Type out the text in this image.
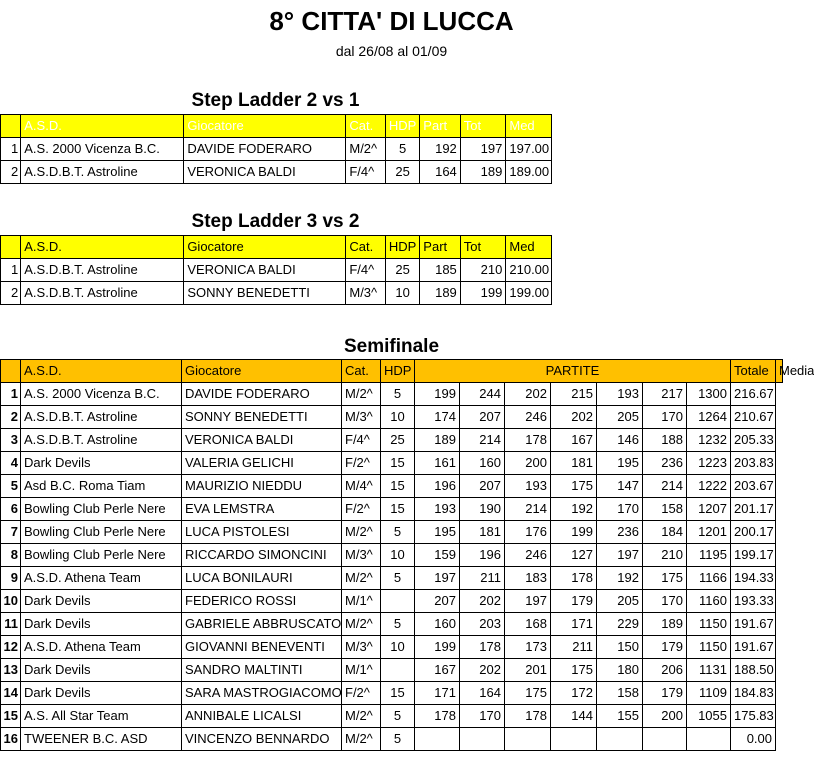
8° CITTA' DI LUCCA
dal 26/08 al 01/09
Step Ladder 2 vs 1
	A.S.D.	Giocatore	Cat.	HDP	Part	Tot	Med
1	A.S. 2000 Vicenza B.C.	DAVIDE FODERARO	M/2^	5	192	197	197.00
2	A.S.D.B.T. Astroline	VERONICA BALDI	F/4^	25	164	189	189.00
Step Ladder 3 vs 2
	A.S.D.	Giocatore	Cat.	HDP	Part	Tot	Med
1	A.S.D.B.T. Astroline	VERONICA BALDI	F/4^	25	185	210	210.00
2	A.S.D.B.T. Astroline	SONNY BENEDETTI	M/3^	10	189	199	199.00
Semifinale
	A.S.D.	Giocatore	Cat.	HDP	PARTITE							Totale	Media
1	A.S. 2000 Vicenza B.C.	DAVIDE FODERARO	M/2^	5	199	244	202	215	193	217	1300	216.67	
2	A.S.D.B.T. Astroline	SONNY BENEDETTI	M/3^	10	174	207	246	202	205	170	1264	210.67	
3	A.S.D.B.T. Astroline	VERONICA BALDI	F/4^	25	189	214	178	167	146	188	1232	205.33	
4	Dark Devils	VALERIA GELICHI	F/2^	15	161	160	200	181	195	236	1223	203.83	
5	Asd B.C. Roma Tiam	MAURIZIO NIEDDU	M/4^	15	196	207	193	175	147	214	1222	203.67	
6	Bowling Club Perle Nere	EVA LEMSTRA	F/2^	15	193	190	214	192	170	158	1207	201.17	
7	Bowling Club Perle Nere	LUCA PISTOLESI	M/2^	5	195	181	176	199	236	184	1201	200.17	
8	Bowling Club Perle Nere	RICCARDO SIMONCINI	M/3^	10	159	196	246	127	197	210	1195	199.17	
9	A.S.D. Athena Team	LUCA BONILAURI	M/2^	5	197	211	183	178	192	175	1166	194.33	
10	Dark Devils	FEDERICO ROSSI	M/1^		207	202	197	179	205	170	1160	193.33	
11	Dark Devils	GABRIELE ABBRUSCATO	M/2^	5	160	203	168	171	229	189	1150	191.67	
12	A.S.D. Athena Team	GIOVANNI BENEVENTI	M/3^	10	199	178	173	211	150	179	1150	191.67	
13	Dark Devils	SANDRO MALTINTI	M/1^		167	202	201	175	180	206	1131	188.50	
14	Dark Devils	SARA MASTROGIACOMO	F/2^	15	171	164	175	172	158	179	1109	184.83	
15	A.S. All Star Team	ANNIBALE LICALSI	M/2^	5	178	170	178	144	155	200	1055	175.83	
16	TWEENER B.C. ASD	VINCENZO BENNARDO	M/2^	5								0.00	
